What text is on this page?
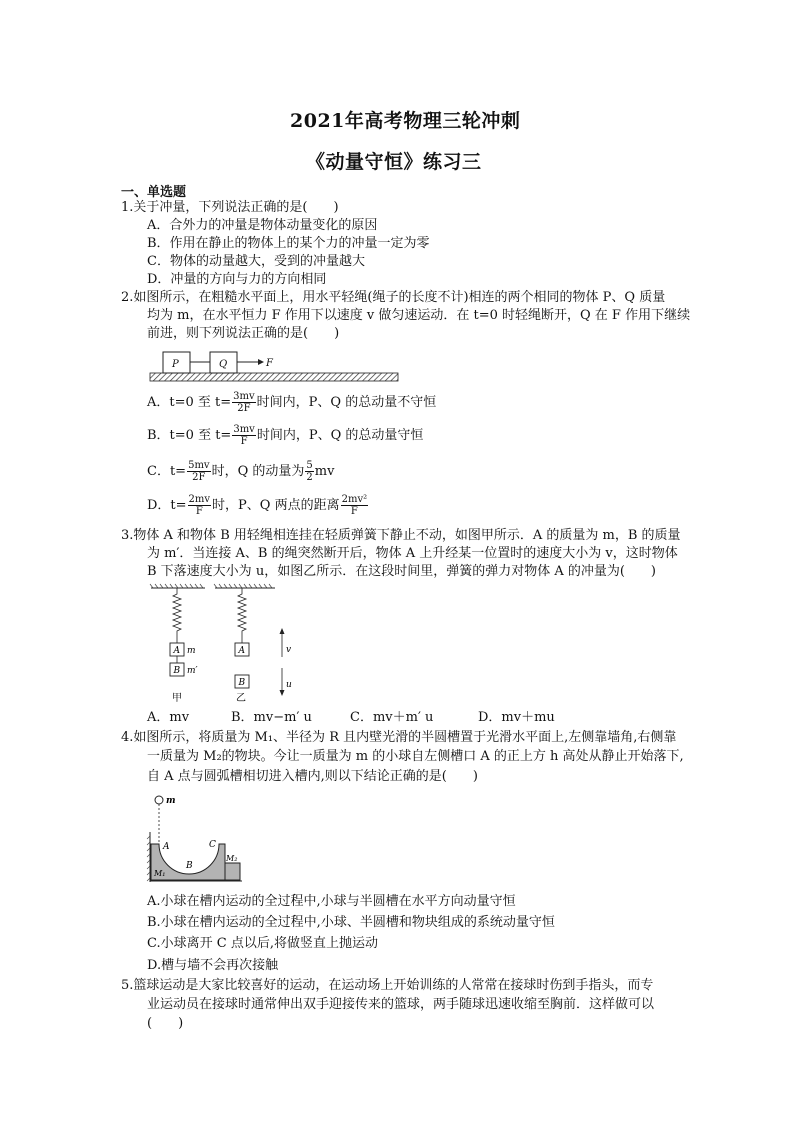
2021年高考物理三轮冲刺
《动量守恒》练习三
一、单选题
1.关于冲量，下列说法正确的是(　　)
A．合外力的冲量是物体动量变化的原因
B．作用在静止的物体上的某个力的冲量一定为零
C．物体的动量越大，受到的冲量越大
D．冲量的方向与力的方向相同
2.如图所示，在粗糙水平面上，用水平轻绳(绳子的长度不计)相连的两个相同的物体 P、Q 质量
均为 m，在水平恒力 F 作用下以速度 v 做匀速运动．在 t=0 时轻绳断开，Q 在 F 作用下继续
前进，则下列说法正确的是(　　)
P	Q	F
A．t=0 至 $t= \frac{3mv}{2F}$ 时间内，P、Q 的总动量不守恒
B．t=0 至 $t= \frac{3mv}{F}$ 时间内，P、Q 的总动量守恒
C．$t= \frac{5mv}{2F}$ 时，Q 的动量为 $\frac{5}{2}$ mv
D．$t= \frac{2mv}{F}$ 时，P、Q 两点的距离 $\frac{\text{2mv²}}{F}$
3.物体 A 和物体 B 用轻绳相连挂在轻质弹簧下静止不动，如图甲所示．A 的质量为 m，B 的质量
为 m′．当连接 A、B 的绳突然断开后，物体 A 上升经某一位置时的速度大小为 v，这时物体
B 下落速度大小为 u，如图乙所示．在这段时间里，弹簧的弹力对物体 A 的冲量为(　　)
A m
B m′
甲
A
B
乙
v
u
A．mv	B．mv−m′ u	C．mv＋m′ u	D．mv＋mu
4.如图所示，将质量为 M₁、半径为 R 且内壁光滑的半圆槽置于光滑水平面上,左侧靠墙角,右侧靠
一质量为 M₂的物块。今让一质量为 m 的小球自左侧槽口 A 的正上方 h 高处从静止开始落下,
自 A 点与圆弧槽相切进入槽内,则以下结论正确的是(　　)
m
A	C
B
M₁
M₂
A.小球在槽内运动的全过程中,小球与半圆槽在水平方向动量守恒
B.小球在槽内运动的全过程中,小球、半圆槽和物块组成的系统动量守恒
C.小球离开 C 点以后,将做竖直上抛运动
D.槽与墙不会再次接触
5.篮球运动是大家比较喜好的运动，在运动场上开始训练的人常常在接球时伤到手指头，而专
业运动员在接球时通常伸出双手迎接传来的篮球，两手随球迅速收缩至胸前．这样做可以
(　　)
